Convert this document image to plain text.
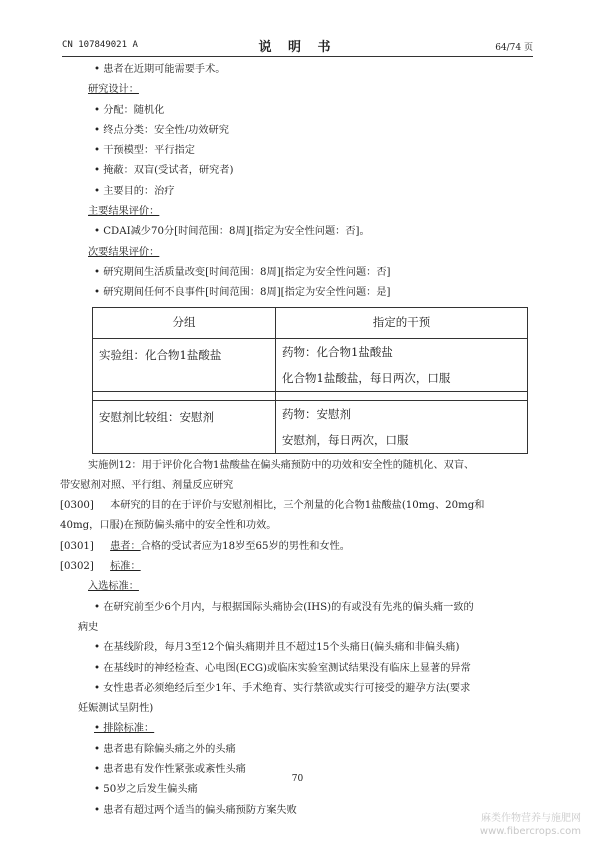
CN 107849021 A	说 明 书	64/74 页
• 患者在近期可能需要手术。
研究设计：
• 分配：随机化
• 终点分类：安全性/功效研究
• 干预模型：平行指定
• 掩蔽：双盲(受试者，研究者)
• 主要目的：治疗
主要结果评价：
• CDAI减少70分[时间范围：8周][指定为安全性问题：否]。
次要结果评价：
• 研究期间生活质量改变[时间范围：8周][指定为安全性问题：否]
• 研究期间任何不良事件[时间范围：8周][指定为安全性问题：是]
分组	指定的干预
实验组：化合物1盐酸盐	药物：化合物1盐酸盐
	化合物1盐酸盐，每日两次，口服

安慰剂比较组：安慰剂	药物：安慰剂
	安慰剂，每日两次，口服
实施例12：用于评价化合物1盐酸盐在偏头痛预防中的功效和安全性的随机化、双盲、
带安慰剂对照、平行组、剂量反应研究
[0300] 本研究的目的在于评价与安慰剂相比，三个剂量的化合物1盐酸盐(10mg、20mg和
40mg，口服)在预防偏头痛中的安全性和功效。
[0301] 患者：合格的受试者应为18岁至65岁的男性和女性。
[0302] 标准：
入选标准：
• 在研究前至少6个月内，与根据国际头痛协会(IHS)的有或没有先兆的偏头痛一致的
病史
• 在基线阶段，每月3至12个偏头痛期并且不超过15个头痛日(偏头痛和非偏头痛)
• 在基线时的神经检查、心电图(ECG)或临床实验室测试结果没有临床上显著的异常
• 女性患者必须绝经后至少1年、手术绝育、实行禁欲或实行可接受的避孕方法(要求
妊娠测试呈阴性)
• 排除标准：
• 患者患有除偏头痛之外的头痛
• 患者患有发作性紧张或紊性头痛
• 50岁之后发生偏头痛
• 患者有超过两个适当的偏头痛预防方案失败
70
麻类作物营养与施肥网
www.fibercrops.com
